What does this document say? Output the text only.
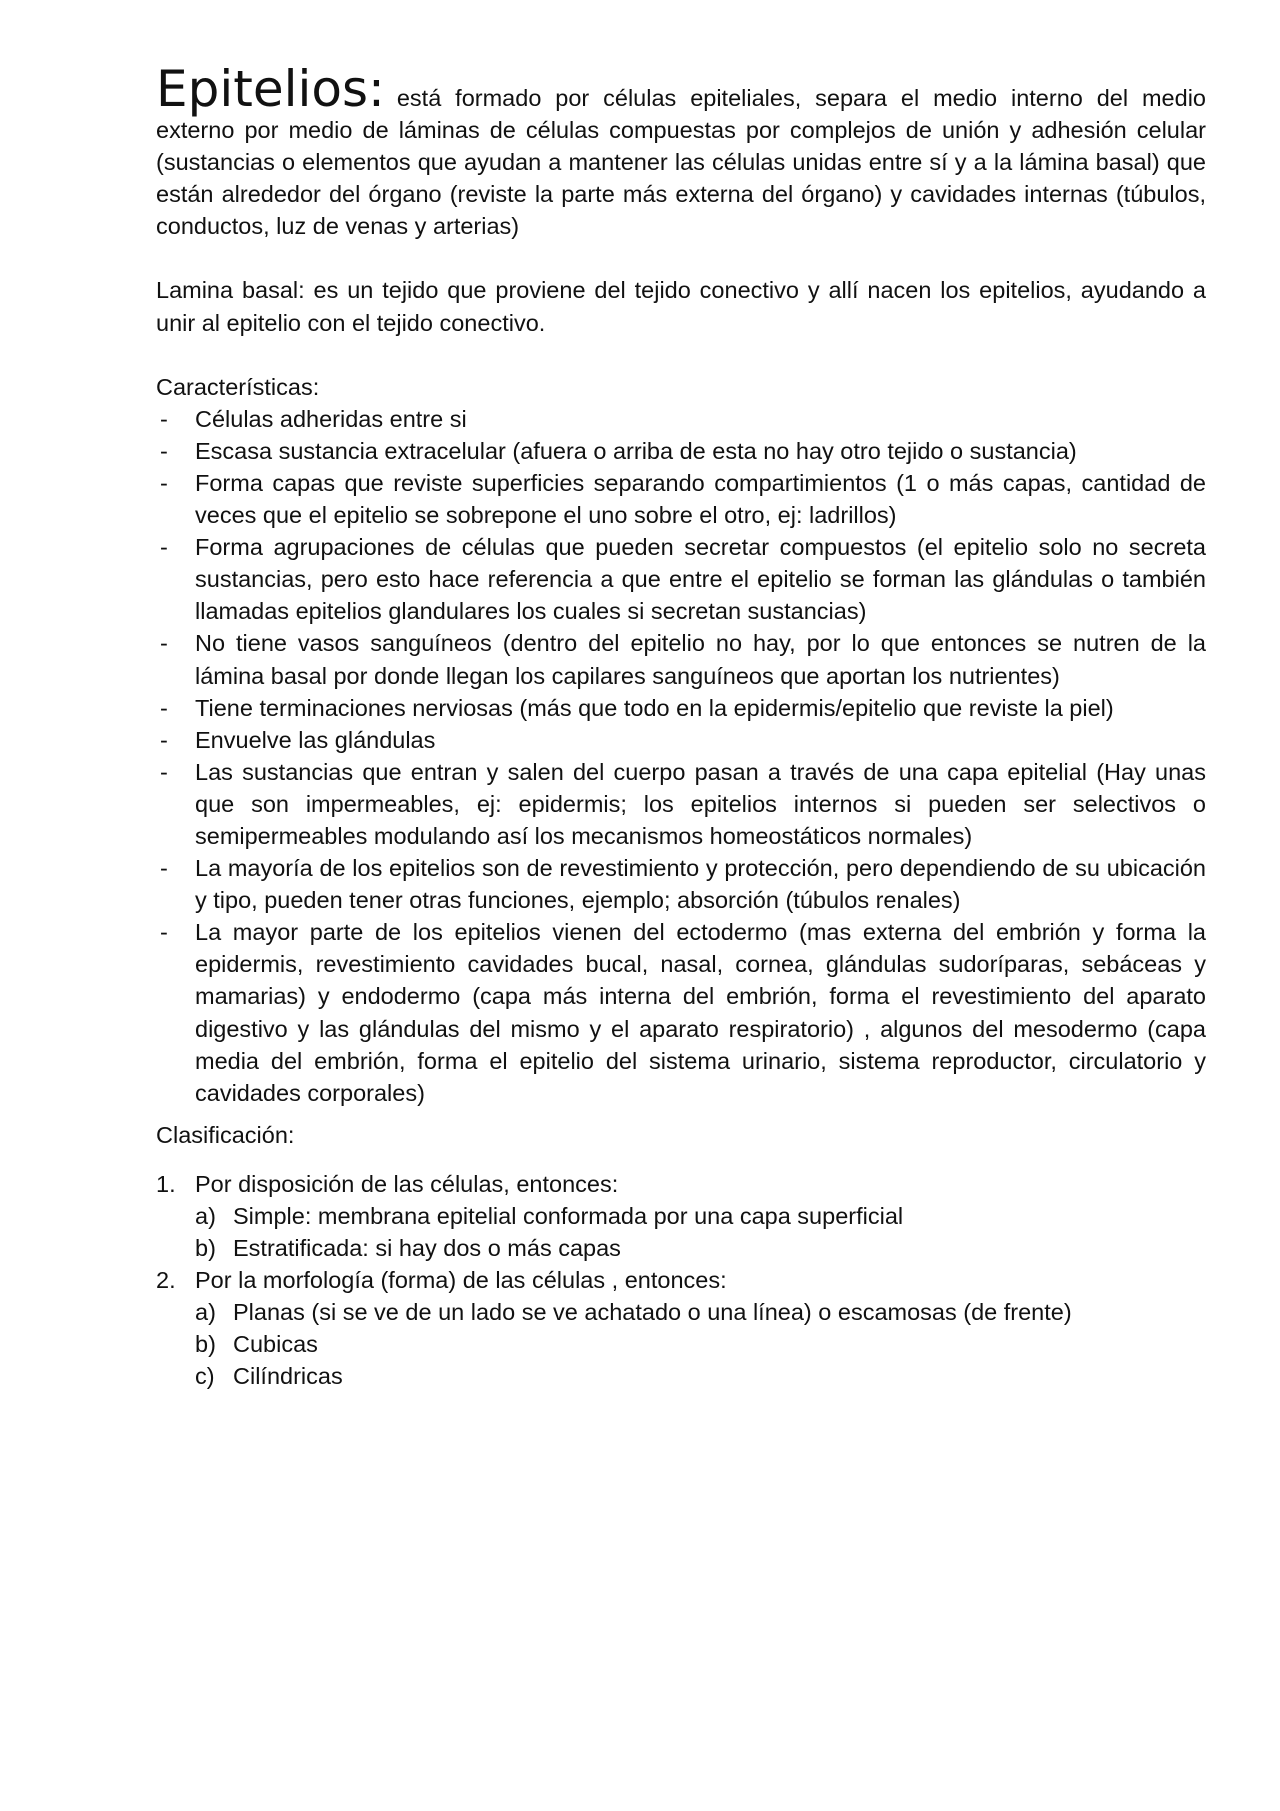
Epitelios: está formado por células epiteliales, separa el medio interno del medio externo por medio de láminas de células compuestas por complejos de unión y adhesión celular (sustancias o elementos que ayudan a mantener las células unidas entre sí y a la lámina basal) que están alrededor del órgano (reviste la parte más externa del órgano) y cavidades internas (túbulos, conductos, luz de venas y arterias)

Lamina basal: es un tejido que proviene del tejido conectivo y allí nacen los epitelios, ayudando a unir al epitelio con el tejido conectivo.

Características:

- Células adheridas entre si
- Escasa sustancia extracelular (afuera o arriba de esta no hay otro tejido o sustancia)
- Forma capas que reviste superficies separando compartimientos (1 o más capas, cantidad de veces que el epitelio se sobrepone el uno sobre el otro, ej: ladrillos)
- Forma agrupaciones de células que pueden secretar compuestos (el epitelio solo no secreta sustancias, pero esto hace referencia a que entre el epitelio se forman las glándulas o también llamadas epitelios glandulares los cuales si secretan sustancias)
- No tiene vasos sanguíneos (dentro del epitelio no hay, por lo que entonces se nutren de la lámina basal por donde llegan los capilares sanguíneos que aportan los nutrientes)
- Tiene terminaciones nerviosas (más que todo en la epidermis/epitelio que reviste la piel)
- Envuelve las glándulas
- Las sustancias que entran y salen del cuerpo pasan a través de una capa epitelial (Hay unas que son impermeables, ej: epidermis; los epitelios internos si pueden ser selectivos o semipermeables modulando así los mecanismos homeostáticos normales)
- La mayoría de los epitelios son de revestimiento y protección, pero dependiendo de su ubicación y tipo, pueden tener otras funciones, ejemplo; absorción (túbulos renales)
- La mayor parte de los epitelios vienen del ectodermo (mas externa del embrión y forma la epidermis, revestimiento cavidades bucal, nasal, cornea, glándulas sudoríparas, sebáceas y mamarias) y endodermo (capa más interna del embrión, forma el revestimiento del aparato digestivo y las glándulas del mismo y el aparato respiratorio) , algunos del mesodermo (capa media del embrión, forma el epitelio del sistema urinario, sistema reproductor, circulatorio y cavidades corporales)

Clasificación:

1. Por disposición de las células, entonces:
a) Simple: membrana epitelial conformada por una capa superficial
b) Estratificada: si hay dos o más capas
2. Por la morfología (forma) de las células , entonces:
a) Planas (si se ve de un lado se ve achatado o una línea) o escamosas (de frente)
b) Cubicas
c) Cilíndricas
